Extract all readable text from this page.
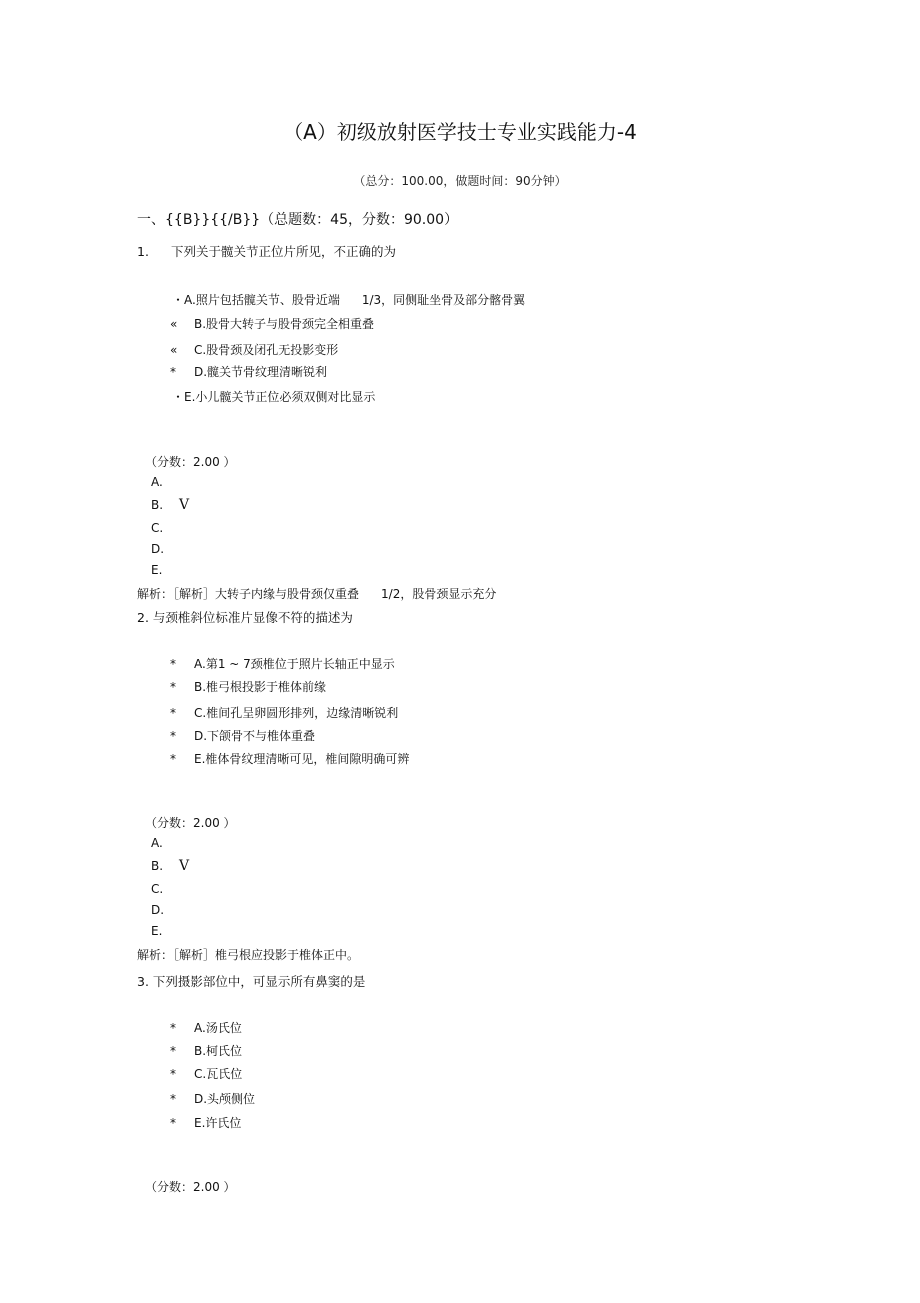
（A）初级放射医学技士专业实践能力-4
（总分：100.00，做题时间：90分钟）
一、{{B}}{{/B}}（总题数：45，分数：90.00）
1. 下列关于髋关节正位片所见，不正确的为
・A.照片包括髋关节、股骨近端 1/3，同侧耻坐骨及部分髂骨翼
« B.股骨大转子与股骨颈完全相重叠
« C.股骨颈及闭孔无投影变形
* D.髋关节骨纹理清晰锐利
・E.小儿髋关节正位必须双侧对比显示
（分数：2.00 ）
A.
B. V
C.
D.
E.
解析：［解析］大转子内缘与股骨颈仅重叠 1/2，股骨颈显示充分
2. 与颈椎斜位标准片显像不符的描述为
* A.第1 ~ 7颈椎位于照片长轴正中显示
* B.椎弓根投影于椎体前缘
* C.椎间孔呈卵圆形排列，边缘清晰锐利
* D.下颌骨不与椎体重叠
* E.椎体骨纹理清晰可见，椎间隙明确可辨
（分数：2.00 ）
A.
B. V
C.
D.
E.
解析：［解析］椎弓根应投影于椎体正中。
3. 下列摄影部位中，可显示所有鼻窦的是
* A.汤氏位
* B.柯氏位
* C.瓦氏位
* D.头颅侧位
* E.许氏位
（分数：2.00 ）
